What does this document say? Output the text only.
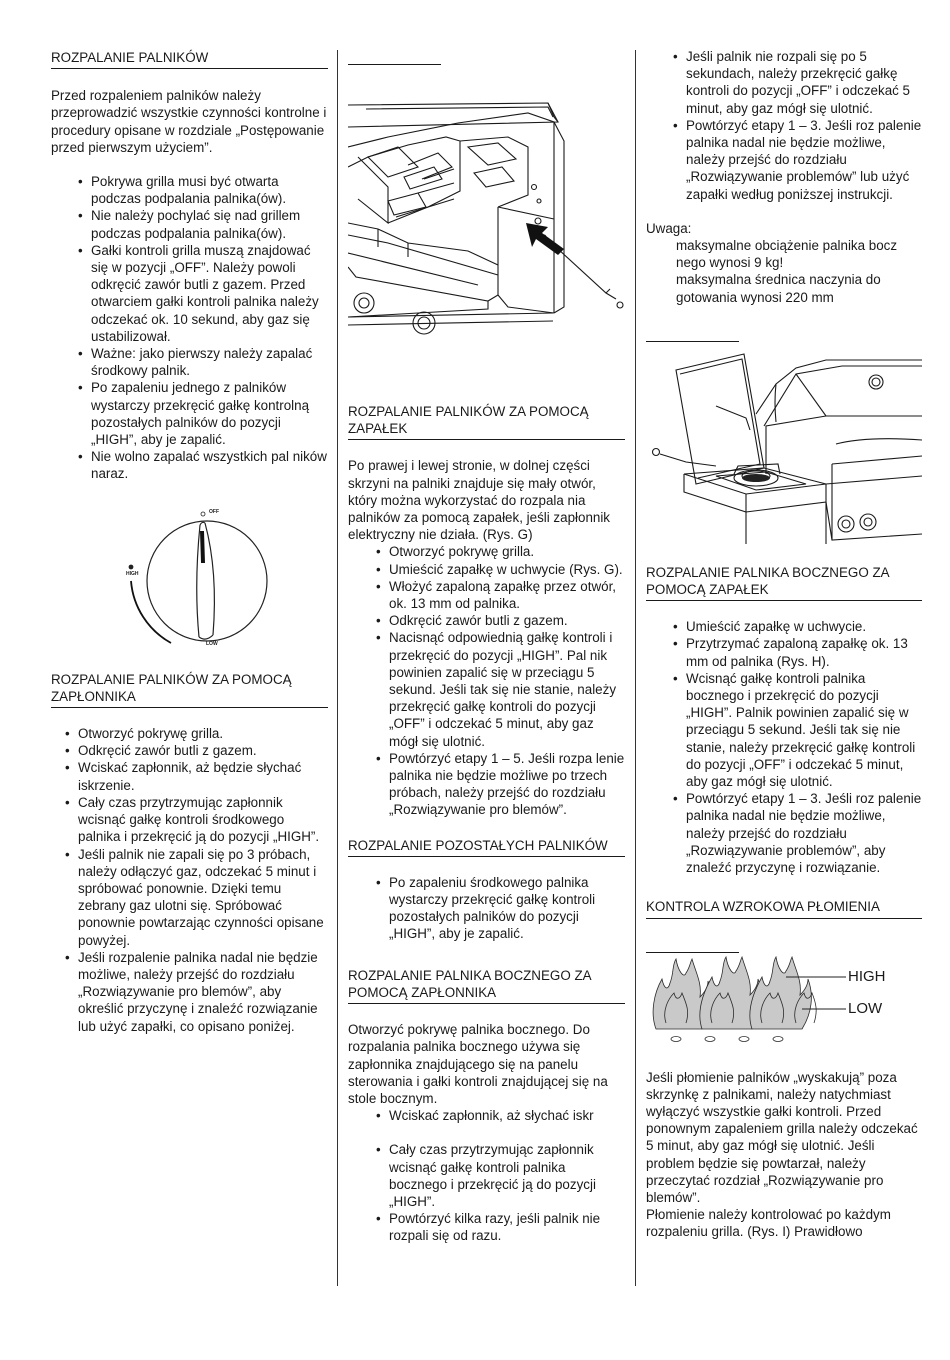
ROZPALANIE PALNIKÓW

Przed rozpaleniem palników należy przeprowadzić wszystkie czynności kontrolne i procedury opisane w rozdziale „Postępowanie przed pierwszym użyciem”.

• Pokrywa grilla musi być otwarta podczas podpalania palnika(ów).
• Nie należy pochylać się nad grillem podczas podpalania palnika(ów).
• Gałki kontroli grilla muszą znajdować się w pozycji „OFF”. Należy powoli odkręcić zawór butli z gazem. Przed otwarciem gałki kontroli palnika należy odczekać ok. 10 sekund, aby gaz się ustabilizował.
• Ważne: jako pierwszy należy zapalać środkowy palnik.
• Po zapaleniu jednego z palników wystarczy przekręcić gałkę kontrolną pozostałych palników do pozycji „HIGH”, aby je zapalić.
• Nie wolno zapalać wszystkich pal ników naraz.
OFF
HIGH
LOW
ROZPALANIE PALNIKÓW ZA POMOCĄ ZAPŁONNIKA
• Otworzyć pokrywę grilla.
• Odkręcić zawór butli z gazem.
• Wciskać zapłonnik, aż będzie słychać iskrzenie.
• Cały czas przytrzymując zapłonnik wcisnąć gałkę kontroli środkowego palnika i przekręcić ją do pozycji „HIGH”.
• Jeśli palnik nie zapali się po 3 próbach, należy odłączyć gaz, odczekać 5 minut i spróbować ponownie. Dzięki temu zebrany gaz ulotni się. Spróbować ponownie powtarzając czynności opisane powyżej.
• Jeśli rozpalenie palnika nadal nie będzie możliwe, należy przejść do rozdziału „Rozwiązywanie pro blemów”, aby określić przyczynę i znaleźć rozwiązanie lub użyć zapałki, co opisano poniżej.
ROZPALANIE PALNIKÓW ZA POMOCĄ ZAPAŁEK

Po prawej i lewej stronie, w dolnej części skrzyni na palniki znajduje się mały otwór, który można wykorzystać do rozpala nia palników za pomocą zapałek, jeśli zapłonnik elektryczny nie działa. (Rys. G)

• Otworzyć pokrywę grilla.
• Umieścić zapałkę w uchwycie (Rys. G).
• Włożyć zapaloną zapałkę przez otwór, ok. 13 mm od palnika.
• Odkręcić zawór butli z gazem.
• Nacisnąć odpowiednią gałkę kontroli i przekręcić do pozycji „HIGH”. Pal nik powinien zapalić się w przeciągu 5 sekund. Jeśli tak się nie stanie, należy przekręcić gałkę kontroli do pozycji „OFF” i odczekać 5 minut, aby gaz mógł się ulotnić.
• Powtórzyć etapy 1 – 5. Jeśli rozpa lenie palnika nie będzie możliwe po trzech próbach, należy przejść do rozdziału „Rozwiązywanie pro blemów”.
ROZPALANIE POZOSTAŁYCH PALNIKÓW
• Po zapaleniu środkowego palnika wystarczy przekręcić gałkę kontroli pozostałych palników do pozycji „HIGH”, aby je zapalić.
ROZPALANIE PALNIKA BOCZNEGO ZA POMOCĄ ZAPŁONNIKA

Otworzyć pokrywę palnika bocznego. Do rozpalania palnika bocznego używa się zapłonnika znajdującego się na panelu sterowania i gałki kontroli znajdującej się na stole bocznym.

• Wciskać zapłonnik, aż słychać iskr
• Cały czas przytrzymując zapłonnik wcisnąć gałkę kontroli palnika bocznego i przekręcić ją do pozycji „HIGH”.
• Powtórzyć kilka razy, jeśli palnik nie rozpali się od razu.
• Jeśli palnik nie rozpali się po 5 sekundach, należy przekręcić gałkę kontroli do pozycji „OFF” i odczekać 5 minut, aby gaz mógł się ulotnić.
• Powtórzyć etapy 1 – 3. Jeśli roz palenie palnika nadal nie będzie możliwe, należy przejść do rozdziału „Rozwiązywanie problemów” lub użyć zapałki według poniższej instrukcji.

Uwaga:

maksymalne obciążenie palnika bocz nego wynosi 9 kg!

maksymalna średnica naczynia do gotowania wynosi 220 mm

ROZPALANIE PALNIKA BOCZNEGO ZA POMOCĄ ZAPAŁEK
• Umieścić zapałkę w uchwycie.
• Przytrzymać zapaloną zapałkę ok. 13 mm od palnika (Rys. H).
• Wcisnąć gałkę kontroli palnika bocznego i przekręcić do pozycji „HIGH”. Palnik powinien zapalić się w przeciągu 5 sekund. Jeśli tak się nie stanie, należy przekręcić gałkę kontroli do pozycji „OFF” i odczekać 5 minut, aby gaz mógł się ulotnić.
• Powtórzyć etapy 1 – 3. Jeśli roz palenie palnika nadal nie będzie możliwe, należy przejść do rozdziału „Rozwiązywanie problemów”, aby znaleźć przyczynę i rozwiązanie.
KONTROLA WZROKOWA PŁOMIENIA
HIGH
LOW

Jeśli płomienie palników „wyskakują” poza skrzynkę z palnikami, należy natychmiast wyłączyć wszystkie gałki kontroli. Przed ponownym zapaleniem grilla należy odczekać 5 minut, aby gaz mógł się ulotnić. Jeśli problem będzie się powtarzał, należy przeczytać rozdział „Rozwiązywanie pro blemów”.

Płomienie należy kontrolować po każdym rozpaleniu grilla. (Rys. I) Prawidłowo
